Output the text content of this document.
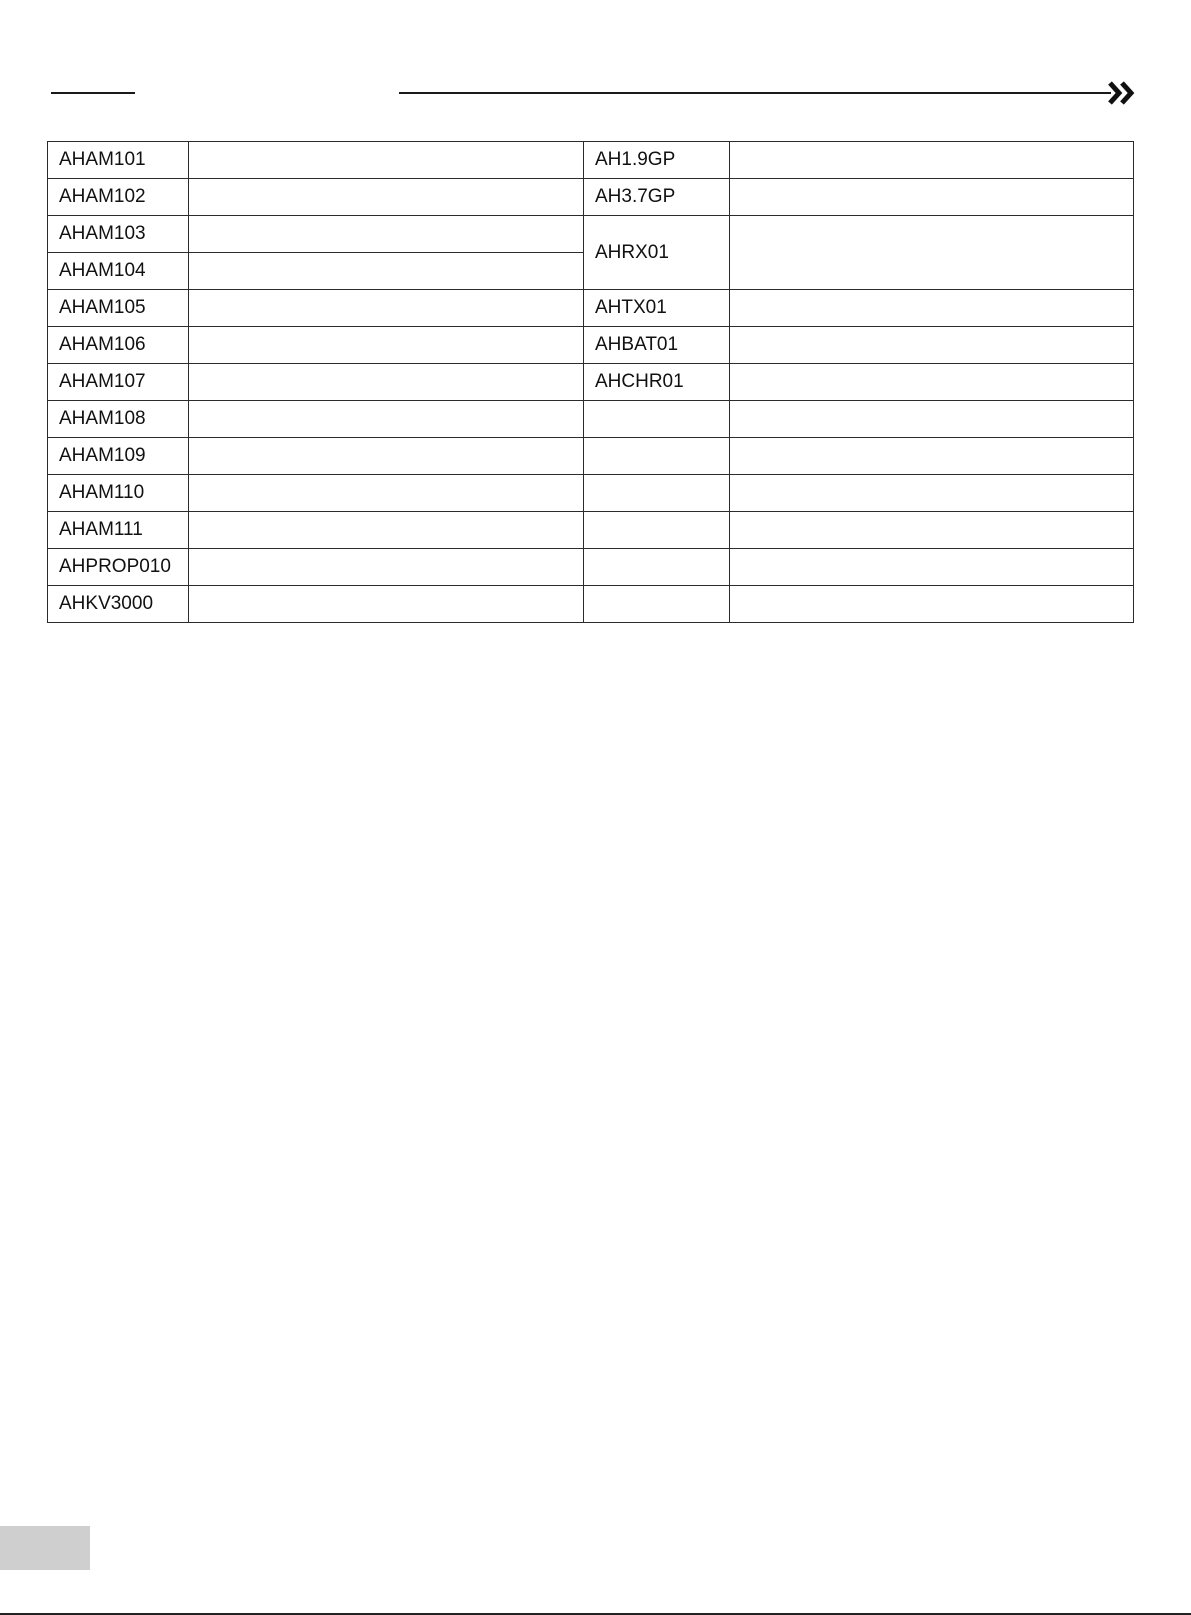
AHAM101		AH1.9GP	
AHAM102		AH3.7GP	
AHAM103		AHRX01	
AHAM104			
AHAM105		AHTX01	
AHAM106		AHBAT01	
AHAM107		AHCHR01	
AHAM108			
AHAM109			
AHAM110			
AHAM111			
AHPROP010			
AHKV3000			
